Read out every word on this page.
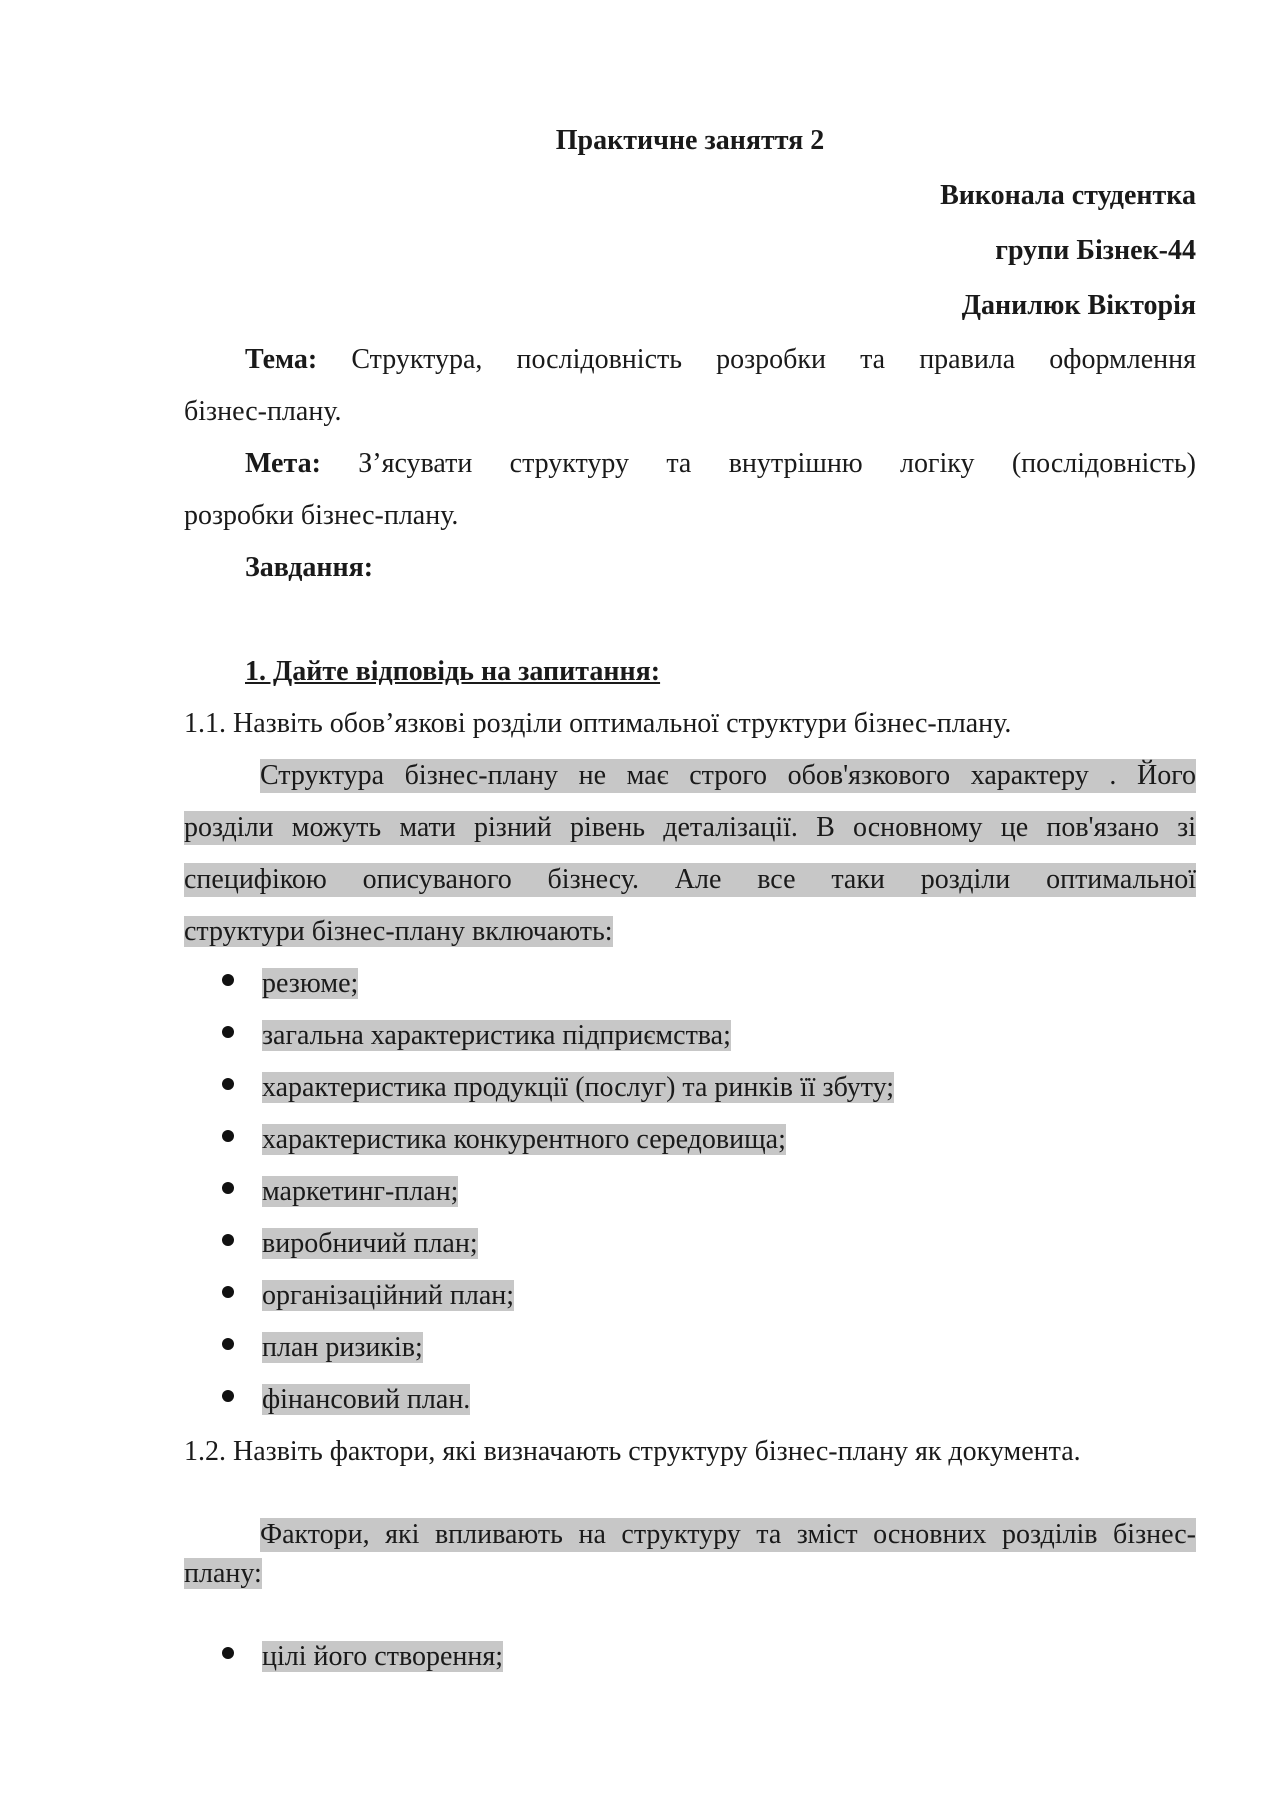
Практичне заняття 2
Виконала студентка
групи Бізнек-44
Данилюк Вікторія
Тема: Структура, послідовність розробки та правила оформлення
бізнес-плану.
Мета: З’ясувати структуру та внутрішню логіку (послідовність)
розробки бізнес-плану.
Завдання:
1. Дайте відповідь на запитання:
1.1. Назвіть обов’язкові розділи оптимальної структури бізнес-плану.
Структура бізнес-плану не має строго обов'язкового характеру . Його
розділи можуть мати різний рівень деталізації. В основному це пов'язано зі
специфікою описуваного бізнесу. Але все таки розділи оптимальної
структури бізнес-плану включають:
резюме;
загальна характеристика підприємства;
характеристика продукції (послуг) та ринків її збуту;
характеристика конкурентного середовища;
маркетинг-план;
виробничий план;
організаційний план;
план ризиків;
фінансовий план.
1.2. Назвіть фактори, які визначають структуру бізнес-плану як документа.
Фактори, які впливають на структуру та зміст основних розділів бізнес-
плану:
цілі його створення;
